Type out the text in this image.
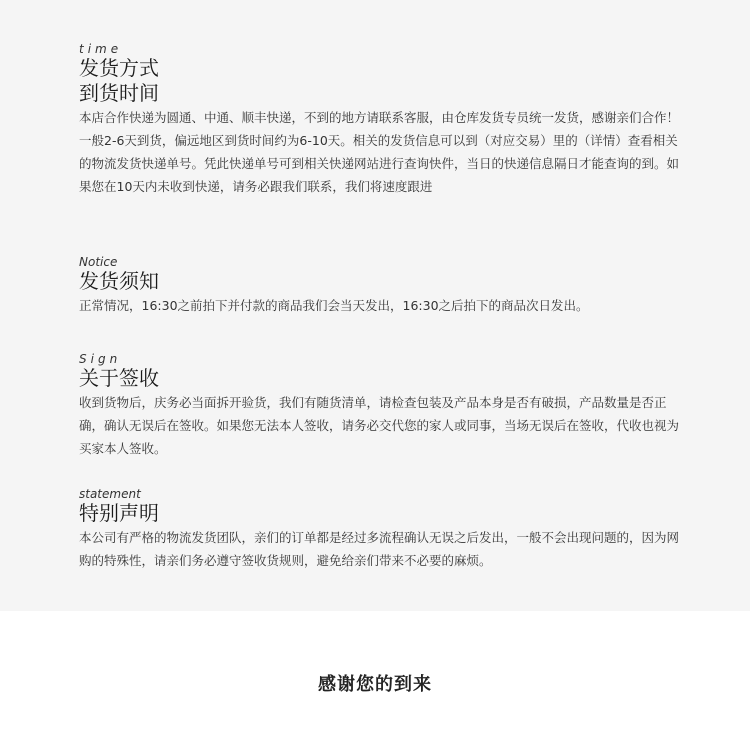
time

发货方式
到货时间

本店合作快递为圆通、中通、顺丰快递，不到的地方请联系客服，由仓库发货专员统一发货，感谢亲们合作！一般2-6天到货，偏远地区到货时间约为6-10天。相关的发货信息可以到（对应交易）里的（详情）查看相关的物流发货快递单号。凭此快递单号可到相关快递网站进行查询快件，当日的快递信息隔日才能查询的到。如果您在10天内未收到快递，请务必跟我们联系，我们将速度跟进

Notice

发货须知

正常情况，16:30之前拍下并付款的商品我们会当天发出，16:30之后拍下的商品次日发出。

Sign

关于签收

收到货物后，庆务必当面拆开验货，我们有随货清单，请检查包装及产品本身是否有破损，产品数量是否正确，确认无误后在签收。如果您无法本人签收，请务必交代您的家人或同事，当场无误后在签收，代收也视为买家本人签收。

statement

特别声明

本公司有严格的物流发货团队，亲们的订单都是经过多流程确认无误之后发出，一般不会出现问题的，因为网购的特殊性，请亲们务必遵守签收货规则，避免给亲们带来不必要的麻烦。

感谢您的到来
